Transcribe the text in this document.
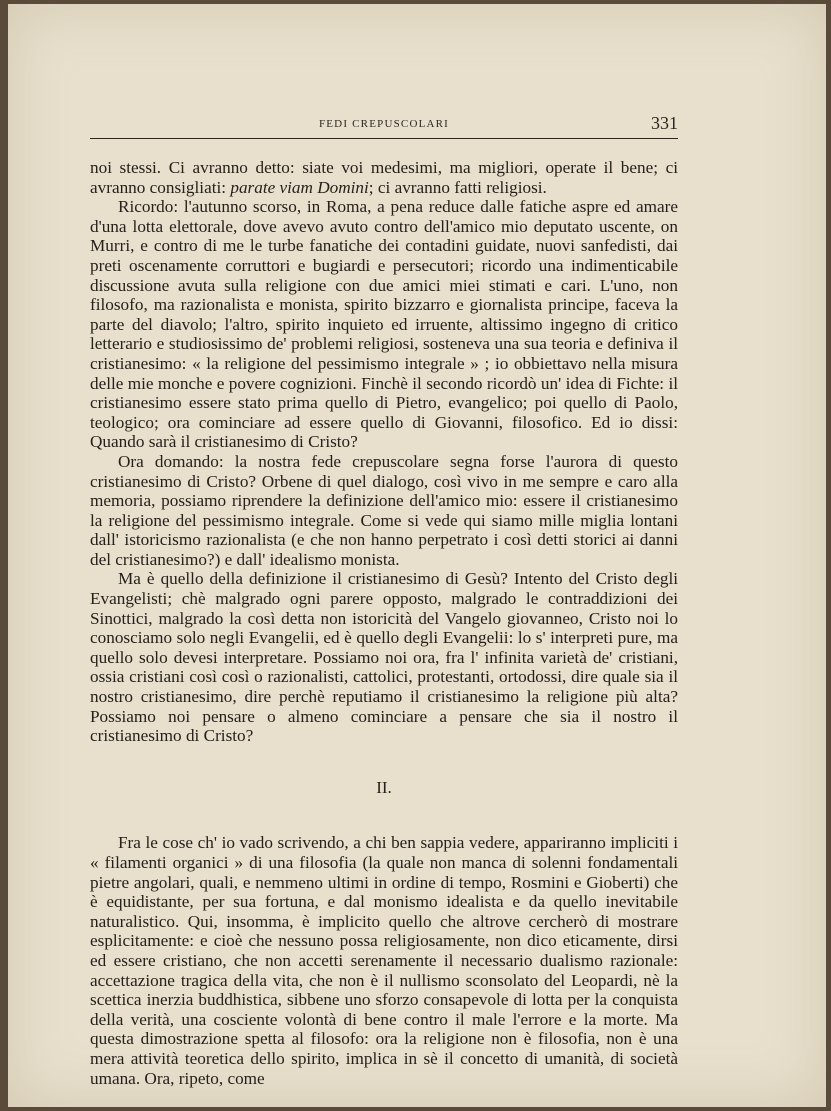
FEDI CREPUSCOLARI	331

noi stessi. Ci avranno detto: siate voi medesimi, ma migliori, operate il bene; ci avranno consigliati: parate viam Domini; ci avranno fatti religiosi.

Ricordo: l'autunno scorso, in Roma, a pena reduce dalle fatiche aspre ed amare d'una lotta elettorale, dove avevo avuto contro dell'amico mio deputato uscente, on Murri, e contro di me le turbe fanatiche dei contadini guidate, nuovi sanfedisti, dai preti oscenamente corruttori e bugiardi e persecutori; ricordo una indimenticabile discussione avuta sulla religione con due amici miei stimati e cari. L'uno, non filosofo, ma razionalista e monista, spirito bizzarro e giornalista principe, faceva la parte del diavolo; l'altro, spirito inquieto ed irruente, altissimo ingegno di critico letterario e studiosissimo de' problemi religiosi, sosteneva una sua teoria e definiva il cristianesimo: « la religione del pessimismo integrale » ; io obbiettavo nella misura delle mie monche e povere cognizioni. Finchè il secondo ricordò un' idea di Fichte: il cristianesimo essere stato prima quello di Pietro, evangelico; poi quello di Paolo, teologico; ora cominciare ad essere quello di Giovanni, filosofico. Ed io dissi: Quando sarà il cristianesimo di Cristo?

Ora domando: la nostra fede crepuscolare segna forse l'aurora di questo cristianesimo di Cristo? Orbene di quel dialogo, così vivo in me sempre e caro alla memoria, possiamo riprendere la definizione dell'amico mio: essere il cristianesimo la religione del pessimismo integrale. Come si vede qui siamo mille miglia lontani dall' istoricismo razionalista (e che non hanno perpetrato i così detti storici ai danni del cristianesimo?) e dall' idealismo monista.

Ma è quello della definizione il cristianesimo di Gesù? Intento del Cristo degli Evangelisti; chè malgrado ogni parere opposto, malgrado le contraddizioni dei Sinottici, malgrado la così detta non istoricità del Vangelo giovanneo, Cristo noi lo conosciamo solo negli Evangelii, ed è quello degli Evangelii: lo s' interpreti pure, ma quello solo devesi interpretare. Possiamo noi ora, fra l' infinita varietà de' cristiani, ossia cristiani così così o razionalisti, cattolici, protestanti, ortodossi, dire quale sia il nostro cristianesimo, dire perchè reputiamo il cristianesimo la religione più alta? Possiamo noi pensare o almeno cominciare a pensare che sia il nostro il cristianesimo di Cristo?

II.

Fra le cose ch' io vado scrivendo, a chi ben sappia vedere, appariranno impliciti i « filamenti organici » di una filosofia (la quale non manca di solenni fondamentali pietre angolari, quali, e nemmeno ultimi in ordine di tempo, Rosmini e Gioberti) che è equidistante, per sua fortuna, e dal monismo idealista e da quello inevitabile naturalistico. Qui, insomma, è implicito quello che altrove cercherò di mostrare esplicitamente: e cioè che nessuno possa religiosamente, non dico eticamente, dirsi ed essere cristiano, che non accetti serenamente il necessario dualismo razionale: accettazione tragica della vita, che non è il nullismo sconsolato del Leopardi, nè la scettica inerzia buddhistica, sibbene uno sforzo consapevole di lotta per la conquista della verità, una cosciente volontà di bene contro il male l'errore e la morte. Ma questa dimostrazione spetta al filosofo: ora la religione non è filosofia, non è una mera attività teoretica dello spirito, implica in sè il concetto di umanità, di società umana. Ora, ripeto, come
